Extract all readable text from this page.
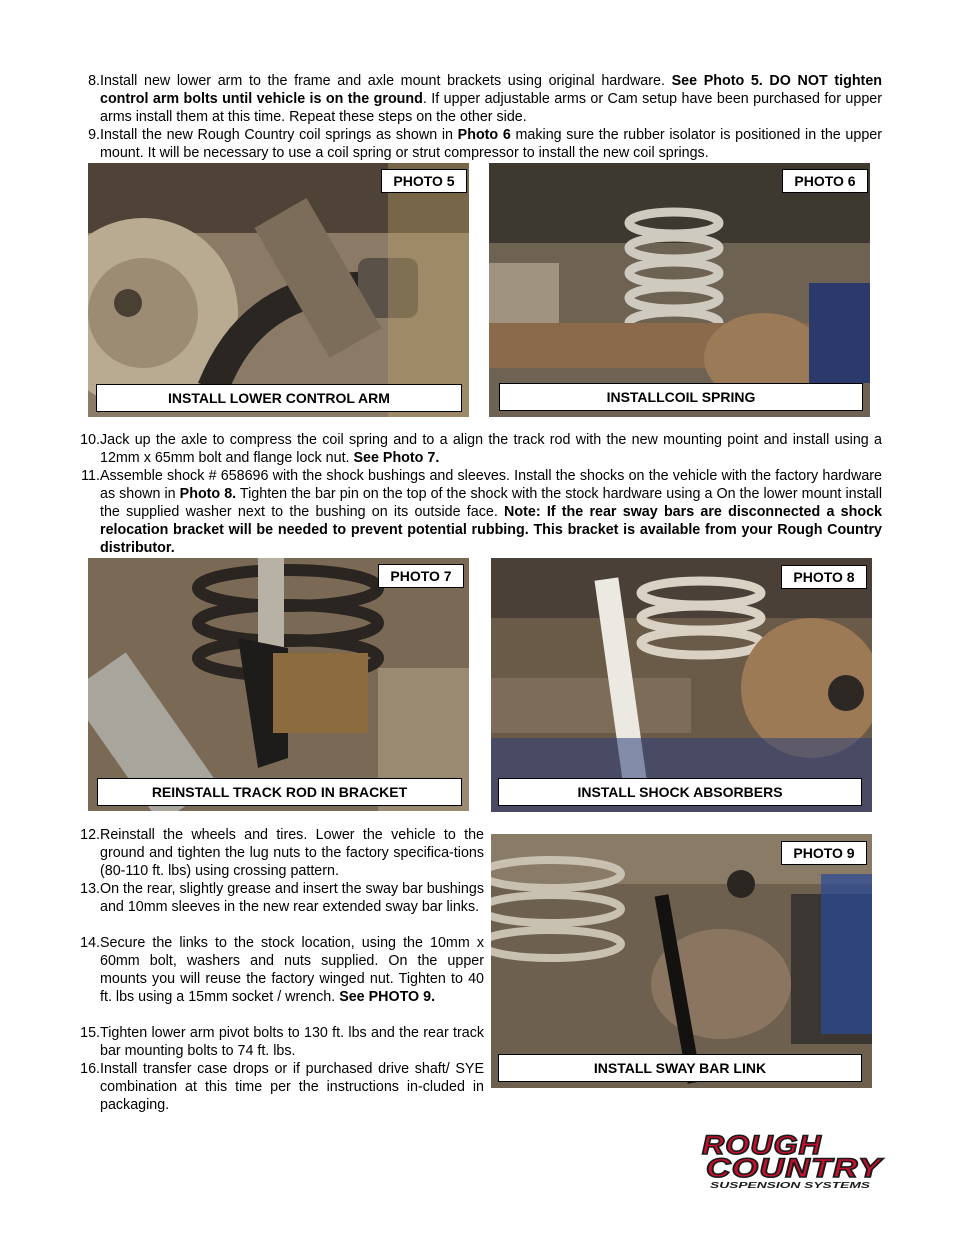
8. Install new lower arm to the frame and axle mount brackets using original hardware. See Photo 5. DO NOT tighten control arm bolts until vehicle is on the ground. If upper adjustable arms or Cam setup have been purchased for upper arms install them at this time. Repeat these steps on the other side.
9. Install the new Rough Country coil springs as shown in Photo 6 making sure the rubber isolator is positioned in the upper mount. It will be necessary to use a coil spring or strut compressor to install the new coil springs.
PHOTO 5
INSTALL LOWER CONTROL ARM
PHOTO 6
INSTALLCOIL SPRING
10. Jack up the axle to compress the coil spring and to a align the track rod with the new mounting point and install using a 12mm x 65mm bolt and flange lock nut. See Photo 7.
11. Assemble shock # 658696 with the shock bushings and sleeves. Install the shocks on the vehicle with the factory hardware as shown in Photo 8. Tighten the bar pin on the top of the shock with the stock hardware using a On the lower mount install the supplied washer next to the bushing on its outside face. Note: If the rear sway bars are disconnected a shock relocation bracket will be needed to prevent potential rubbing. This bracket is available from your Rough Country distributor.
PHOTO 7
REINSTALL TRACK ROD IN BRACKET
PHOTO 8
INSTALL SHOCK ABSORBERS
12. Reinstall the wheels and tires. Lower the vehicle to the ground and tighten the lug nuts to the factory specifica-tions (80-110 ft. lbs) using crossing pattern.
13. On the rear, slightly grease and insert the sway bar bushings and 10mm sleeves in the new rear extended sway bar links.
14. Secure the links to the stock location, using the 10mm x 60mm bolt, washers and nuts supplied. On the upper mounts you will reuse the factory winged nut. Tighten to 40 ft. lbs using a 15mm socket / wrench. See PHOTO 9.
15. Tighten lower arm pivot bolts to 130 ft. lbs and the rear track bar mounting bolts to 74 ft. lbs.
16. Install transfer case drops or if purchased drive shaft/ SYE combination at this time per the instructions in-cluded in packaging.
PHOTO 9
INSTALL SWAY BAR LINK
ROUGH
COUNTRY
SUSPENSION SYSTEMS
